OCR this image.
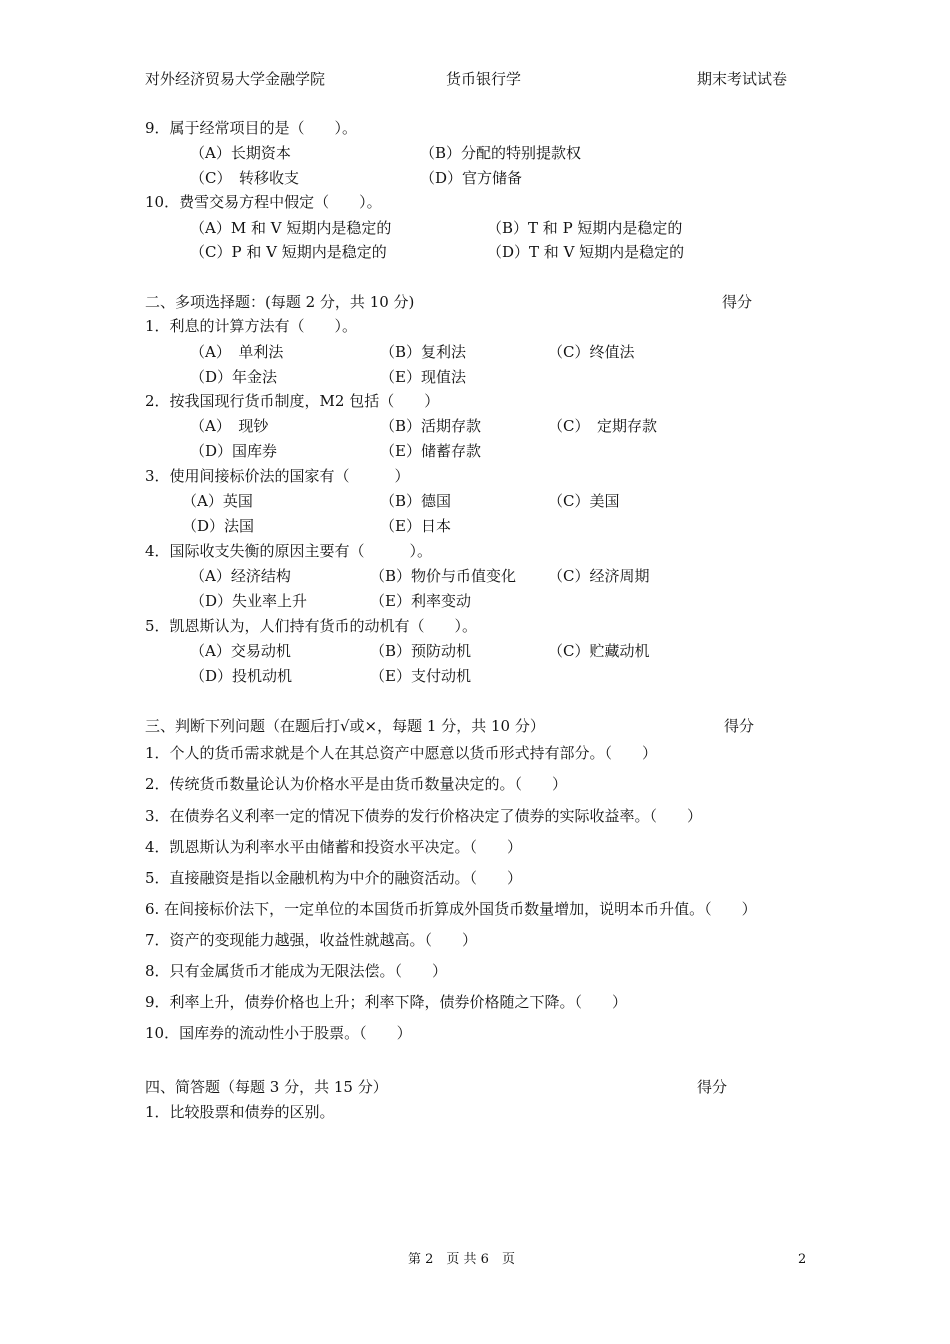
对外经济贸易大学金融学院	货币银行学	期末考试试卷
9．属于经常项目的是（　　）。
（A）长期资本	（B）分配的特别提款权
（C）　转移收支	（D）官方储备
10．费雪交易方程中假定（　　）。
（A）M 和 V 短期内是稳定的	（B）T 和 P 短期内是稳定的
（C）P 和 V 短期内是稳定的	（D）T 和 V 短期内是稳定的
二、多项选择题：(每题 2 分，共 10 分)	得分
1．利息的计算方法有（　　）。
（A）　单利法	（B）复利法	（C）终值法
（D）年金法	（E）现值法
2．按我国现行货币制度，M2 包括（　　）
（A）　现钞	（B）活期存款	（C）　定期存款
（D）国库券	（E）储蓄存款
3．使用间接标价法的国家有（　　　）
（A）英国	（B）德国	（C）美国
（D）法国	（E）日本
4．国际收支失衡的原因主要有（　　　）。
（A）经济结构	（B）物价与币值变化 （C）经济周期
（D）失业率上升	（E）利率变动
5．凯恩斯认为，人们持有货币的动机有（　　）。
（A）交易动机	（B）预防动机	（C）贮藏动机
（D）投机动机	（E）支付动机
三、判断下列问题（在题后打√或×，每题 1 分，共 10 分）	得分
1．个人的货币需求就是个人在其总资产中愿意以货币形式持有部分。（　　）
2．传统货币数量论认为价格水平是由货币数量决定的。（　　）
3．在债券名义利率一定的情况下债券的发行价格决定了债券的实际收益率。（　　）
4．凯恩斯认为利率水平由储蓄和投资水平决定。（　　）
5．直接融资是指以金融机构为中介的融资活动。（　　）
6. 在间接标价法下，一定单位的本国货币折算成外国货币数量增加，说明本币升值。（　　）
7．资产的变现能力越强，收益性就越高。（　　）
8．只有金属货币才能成为无限法偿。（　　）
9．利率上升，债券价格也上升；利率下降，债券价格随之下降。（　　）
10．国库券的流动性小于股票。（　　）
四、简答题（每题 3 分，共 15 分）	得分
1．比较股票和债券的区别。
第 2　页 共 6　页	2
